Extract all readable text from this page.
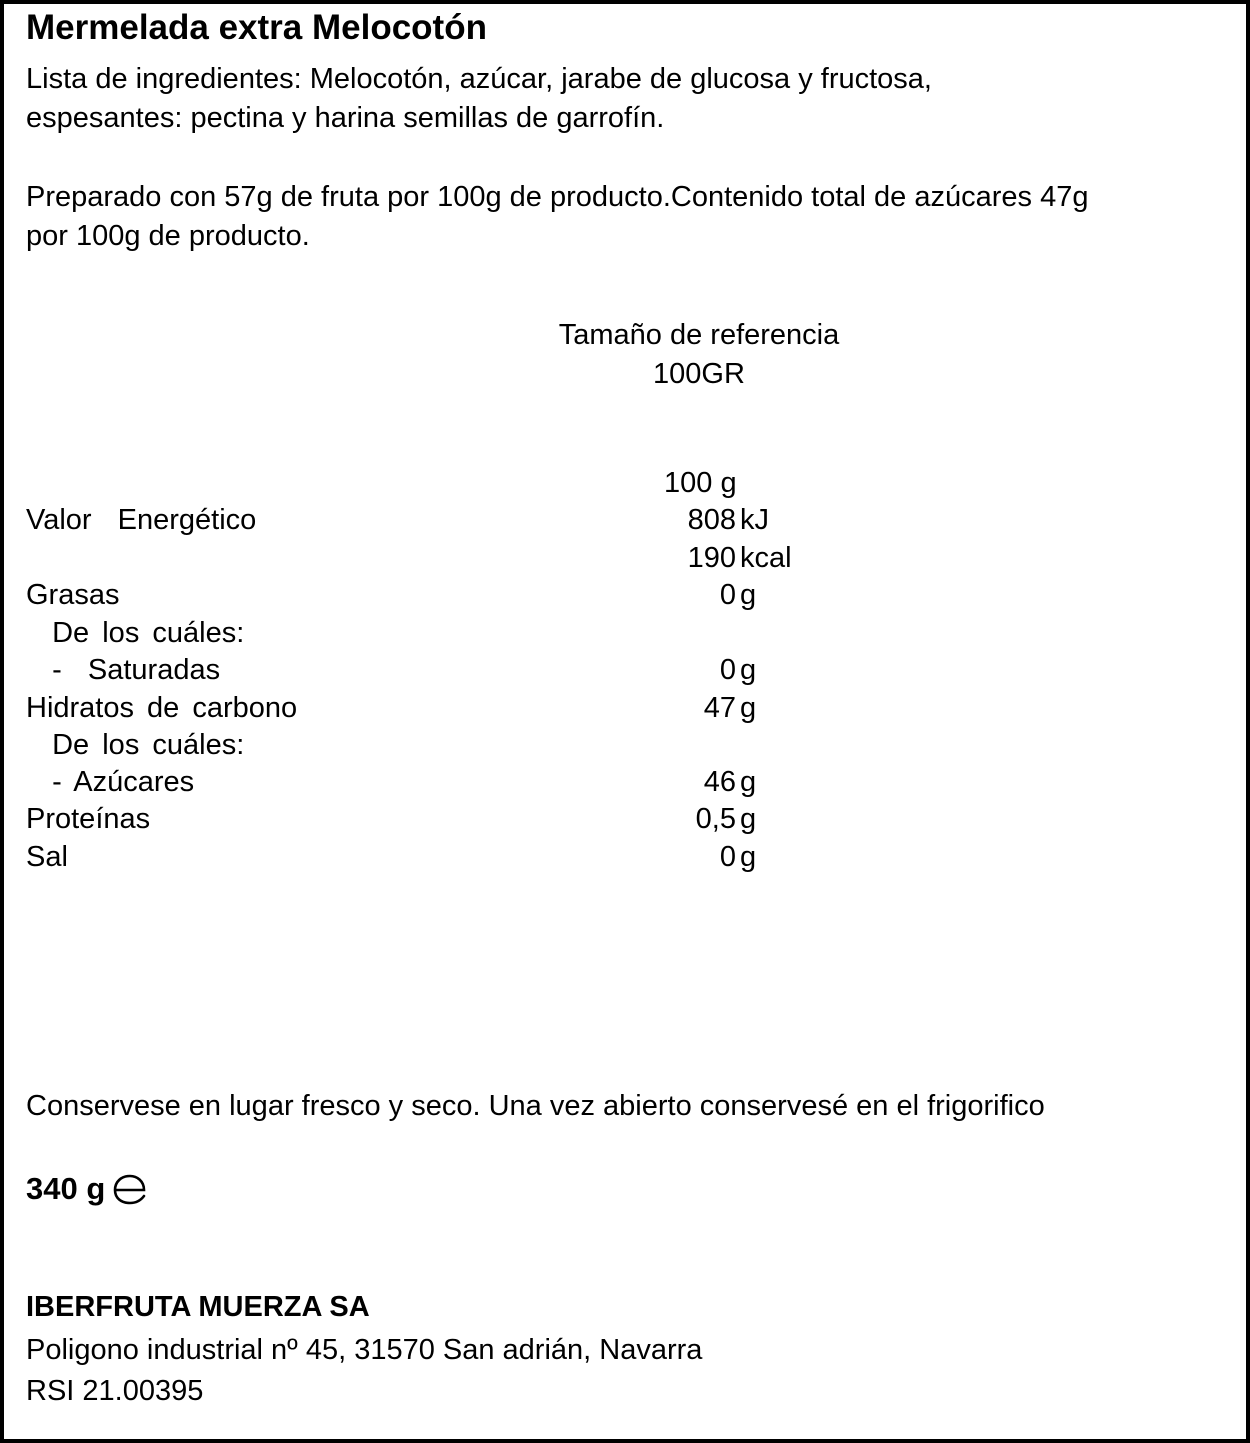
Mermelada extra Melocotón
Lista de ingredientes: Melocotón, azúcar, jarabe de glucosa y fructosa,
espesantes: pectina y harina semillas de garrofín.
Preparado con 57g de fruta por 100g de producto.Contenido total de azúcares 47g
por 100g de producto.
Tamaño de referencia
100GR
100 g
Valor  Energético	808 kJ
190 kcal
Grasas	0 g
De los cuáles:
-  Saturadas	0 g
Hidratos de carbono	47 g
De los cuáles:
- Azúcares	46 g
Proteínas	0,5 g
Sal	0 g
Conservese en lugar fresco y seco. Una vez abierto conservesé en el frigorifico
340 g
IBERFRUTA MUERZA SA
Poligono industrial nº 45, 31570 San adrián, Navarra
RSI 21.00395
